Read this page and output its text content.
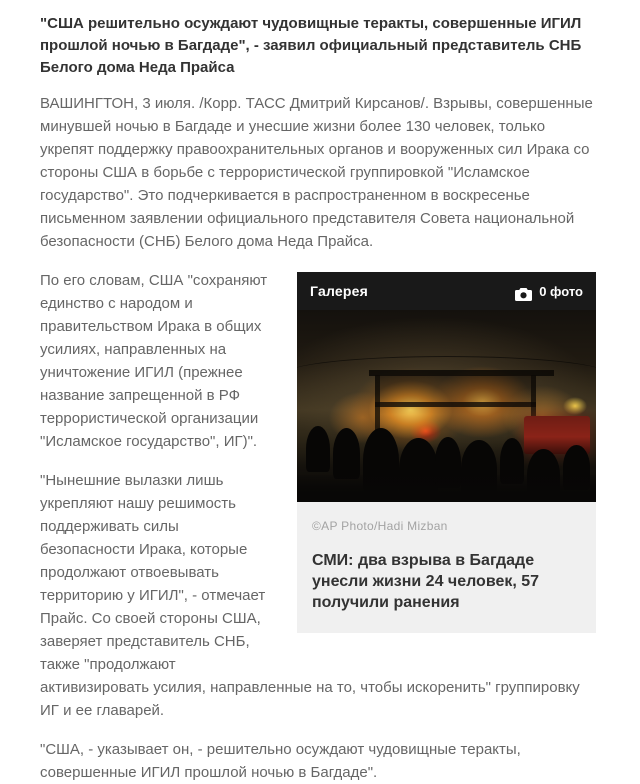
"США решительно осуждают чудовищные теракты, совершенные ИГИЛ прошлой ночью в Багдаде", - заявил официальный представитель СНБ Белого дома Неда Прайса

ВАШИНГТОН, 3 июля. /Корр. ТАСС Дмитрий Кирсанов/. Взрывы, совершенные минувшей ночью в Багдаде и унесшие жизни более 130 человек, только укрепят поддержку правоохранительных органов и вооруженных сил Ирака со стороны США в борьбе с террористической группировкой "Исламское государство". Это подчеркивается в распространенном в воскресенье письменном заявлении официального представителя Совета национальной безопасности (СНБ) Белого дома Неда Прайса.

Галерея	0 фото

©AP Photo/Hadi Mizban

СМИ: два взрыва в Багдаде унесли жизни 24 человек, 57 получили ранения

По его словам, США "сохраняют единство с народом и правительством Ирака в общих усилиях, направленных на уничтожение ИГИЛ (прежнее название запрещенной в РФ террористической организации "Исламское государство", ИГ)".

"Нынешние вылазки лишь укрепляют нашу решимость поддерживать силы безопасности Ирака, которые продолжают отвоевывать территорию у ИГИЛ", - отмечает Прайс. Со своей стороны США, заверяет представитель СНБ, также "продолжают активизировать усилия, направленные на то, чтобы искоренить" группировку ИГ и ее главарей.

"США, - указывает он, - решительно осуждают чудовищные теракты, совершенные ИГИЛ прошлой ночью в Багдаде".
